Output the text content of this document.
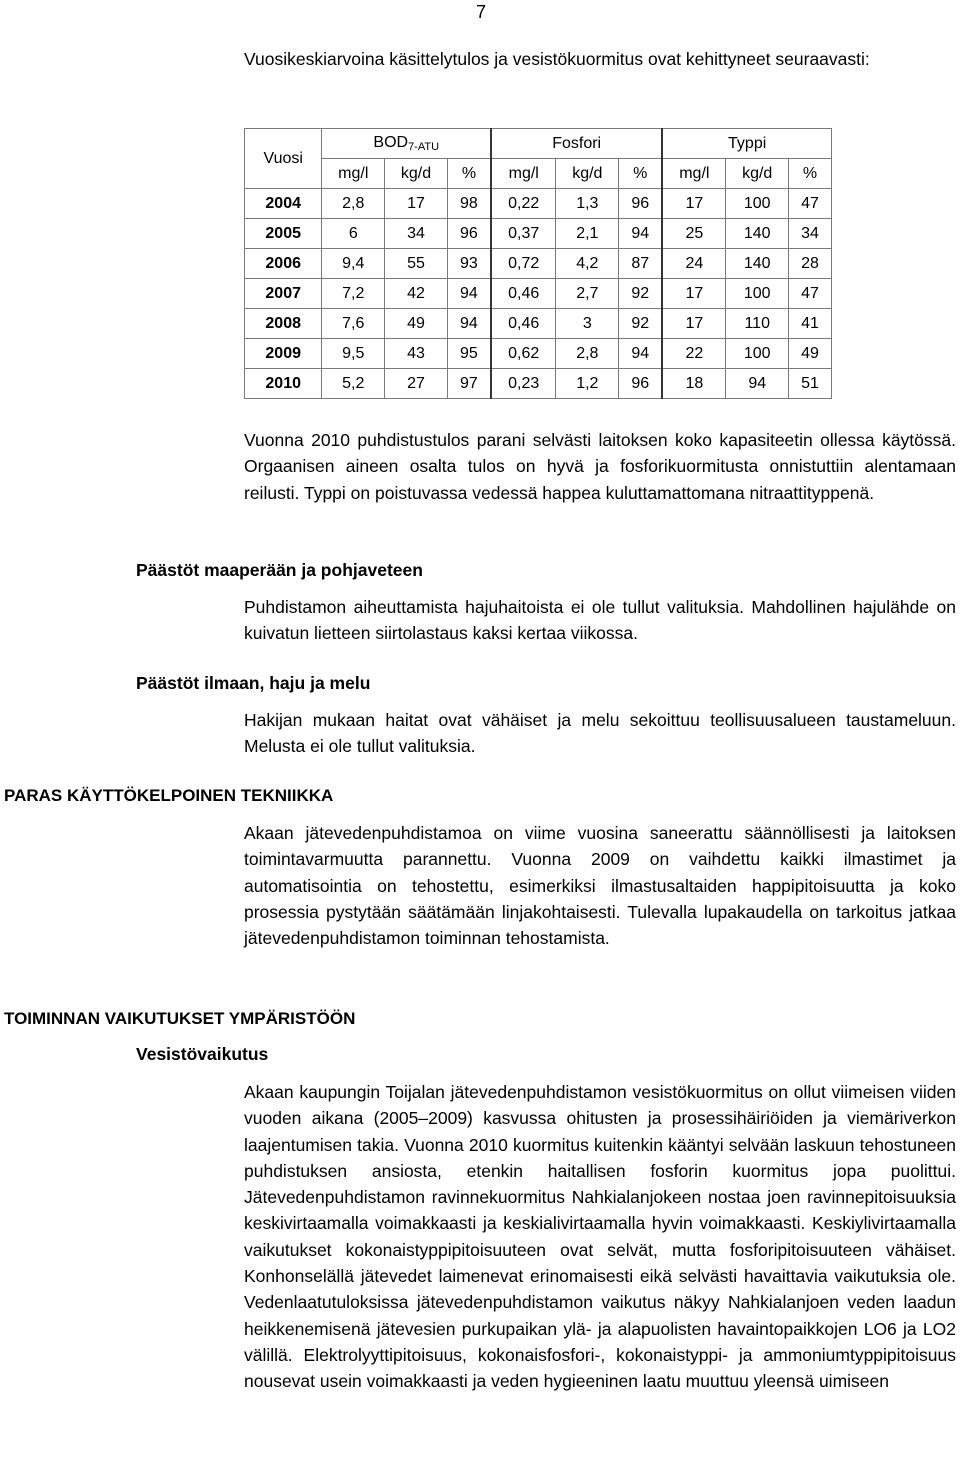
7

Vuosikeskiarvoina käsittelytulos ja vesistökuormitus ovat kehittyneet seuraavasti:

Vuosi	$BOD_{7-ATU}$			Fosfori			Typpi		
	mg/l	kg/d	%	mg/l	kg/d	%	mg/l	kg/d	%
2004	2,8	17	98	0,22	1,3	96	17	100	47
2005	6	34	96	0,37	2,1	94	25	140	34
2006	9,4	55	93	0,72	4,2	87	24	140	28
2007	7,2	42	94	0,46	2,7	92	17	100	47
2008	7,6	49	94	0,46	3	92	17	110	41
2009	9,5	43	95	0,62	2,8	94	22	100	49
2010	5,2	27	97	0,23	1,2	96	18	94	51

Vuonna 2010 puhdistustulos parani selvästi laitoksen koko kapasiteetin ollessa käytössä. Orgaanisen aineen osalta tulos on hyvä ja fosforikuormitusta onnistuttiin alentamaan reilusti. Typpi on poistuvassa vedessä happea kuluttamattomana nitraattityppenä.

Päästöt maaperään ja pohjaveteen

Puhdistamon aiheuttamista hajuhaitoista ei ole tullut valituksia. Mahdollinen hajulähde on kuivatun lietteen siirtolastaus kaksi kertaa viikossa.

Päästöt ilmaan, haju ja melu

Hakijan mukaan haitat ovat vähäiset ja melu sekoittuu teollisuusalueen taustameluun. Melusta ei ole tullut valituksia.

PARAS KÄYTTÖKELPOINEN TEKNIIKKA

Akaan jätevedenpuhdistamoa on viime vuosina saneerattu säännöllisesti ja laitoksen toimintavarmuutta parannettu. Vuonna 2009 on vaihdettu kaikki ilmastimet ja automatisointia on tehostettu, esimerkiksi ilmastusaltaiden happipitoisuutta ja koko prosessia pystytään säätämään linjakohtaisesti. Tulevalla lupakaudella on tarkoitus jatkaa jätevedenpuhdistamon toiminnan tehostamista.

TOIMINNAN VAIKUTUKSET YMPÄRISTÖÖN
Vesistövaikutus

Akaan kaupungin Toijalan jätevedenpuhdistamon vesistökuormitus on ollut viimeisen viiden vuoden aikana (2005–2009) kasvussa ohitusten ja prosessihäiriöiden ja viemäriverkon laajentumisen takia. Vuonna 2010 kuormitus kuitenkin kääntyi selvään laskuun tehostuneen puhdistuksen ansiosta, etenkin haitallisen fosforin kuormitus jopa puolittui. Jätevedenpuhdistamon ravinnekuormitus Nahkialanjokeen nostaa joen ravinnepitoisuuksia keskivirtaamalla voimakkaasti ja keskialivirtaamalla hyvin voimakkaasti. Keskiylivirtaamalla vaikutukset kokonaistyppipitoisuuteen ovat selvät, mutta fosforipitoisuuteen vähäiset. Konhonselällä jätevedet laimenevat erinomaisesti eikä selvästi havaittavia vaikutuksia ole. Vedenlaatutuloksissa jätevedenpuhdistamon vaikutus näkyy Nahkialanjoen veden laadun heikkenemisenä jätevesien purkupaikan ylä- ja alapuolisten havaintopaikkojen LO6 ja LO2 välillä. Elektrolyyttipitoisuus, kokonaisfosfori-, kokonaistyppi- ja ammoniumtyppipitoisuus nousevat usein voimakkaasti ja veden hygieeninen laatu muuttuu yleensä uimiseen
